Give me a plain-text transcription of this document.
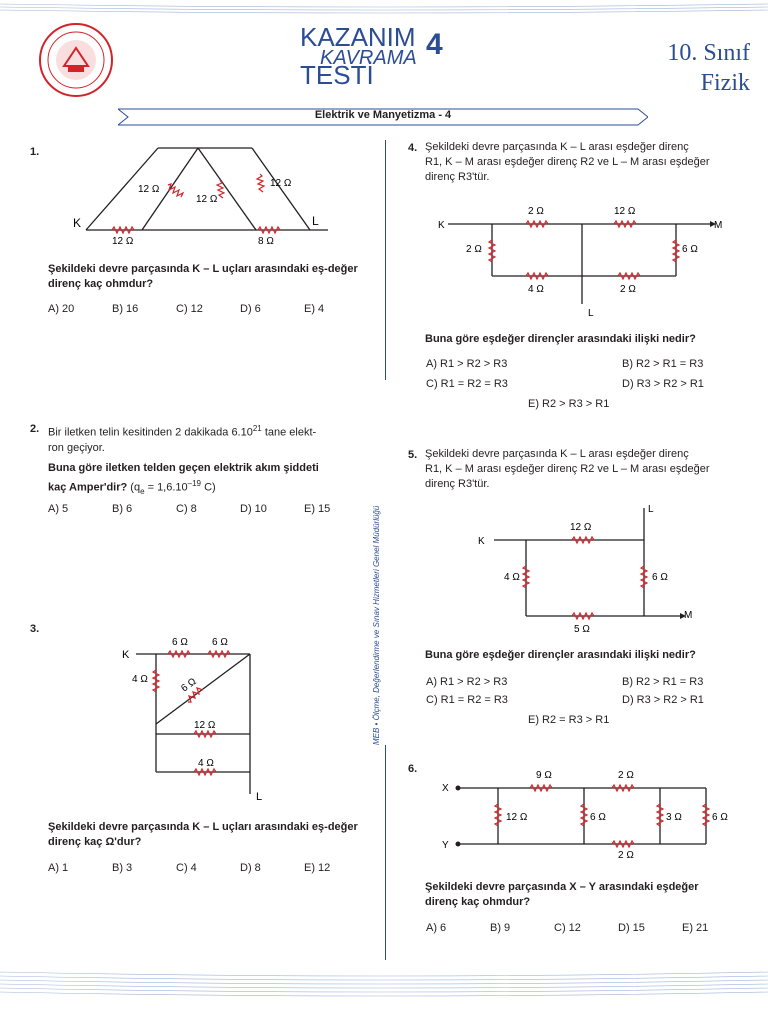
KAZANIM
KAVRAMA
TESTİ
4	10. Sınıf
Fizik
Elektrik ve Manyetizma - 4
MEB • Ölçme, Değerlendirme ve Sınav Hizmetleri Genel Müdürlüğü
1.
K	L
12 Ω
12 Ω
12 Ω
12 Ω	8 Ω
Şekildeki devre parçasında K – L uçları arasındaki eş-değer direnç kaç ohmdur?
A) 20	B) 16	C) 12	D) 6	E) 4
2. Bir iletken telin kesitinden 2 dakikada 6.10$^{21}$ tane elekt-
ron geçiyor.
Buna göre iletken telden geçen elektrik akım şiddeti
kaç Amper'dir? ($q_e = 1,6.10^{-19}$ C)
A) 5	B) 6	C) 8	D) 10	E) 15
3.
K
L
6 Ω 6 Ω
4 Ω	6 Ω
12 Ω
4 Ω
Şekildeki devre parçasında K – L uçları arasındaki eş-değer direnç kaç Ω'dur?
A) 1	B) 3	C) 4	D) 8	E) 12
4. Şekildeki devre parçasında K – L arası eşdeğer direnç
R1, K – M arası eşdeğer direnç R2 ve L – M arası eşdeğer
direnç R3'tür.
K
L
M
2 Ω	12 Ω
2 Ω	6 Ω
4 Ω	2 Ω
Buna göre eşdeğer dirençler arasındaki ilişki nedir?
A) R1 > R2 > R3	B) R2 > R1 = R3
C) R1 = R2 = R3	D) R3 > R2 > R1
E) R2 > R3 > R1
5. Şekildeki devre parçasında K – L arası eşdeğer direnç
R1, K – M arası eşdeğer direnç R2 ve L – M arası eşdeğer
direnç R3'tür.
K
L
M
12 Ω
4 Ω	6 Ω
5 Ω
Buna göre eşdeğer dirençler arasındaki ilişki nedir?
A) R1 > R2 > R3	B) R2 > R1 = R3
C) R1 = R2 = R3	D) R3 > R2 > R1
E) R2 = R3 > R1
6.
X
Y
9 Ω	2 Ω
12 Ω	6 Ω	3 Ω	6 Ω
2 Ω
Şekildeki devre parçasında X – Y arasındaki eşdeğer
direnç kaç ohmdur?
A) 6	B) 9	C) 12	D) 15	E) 21
